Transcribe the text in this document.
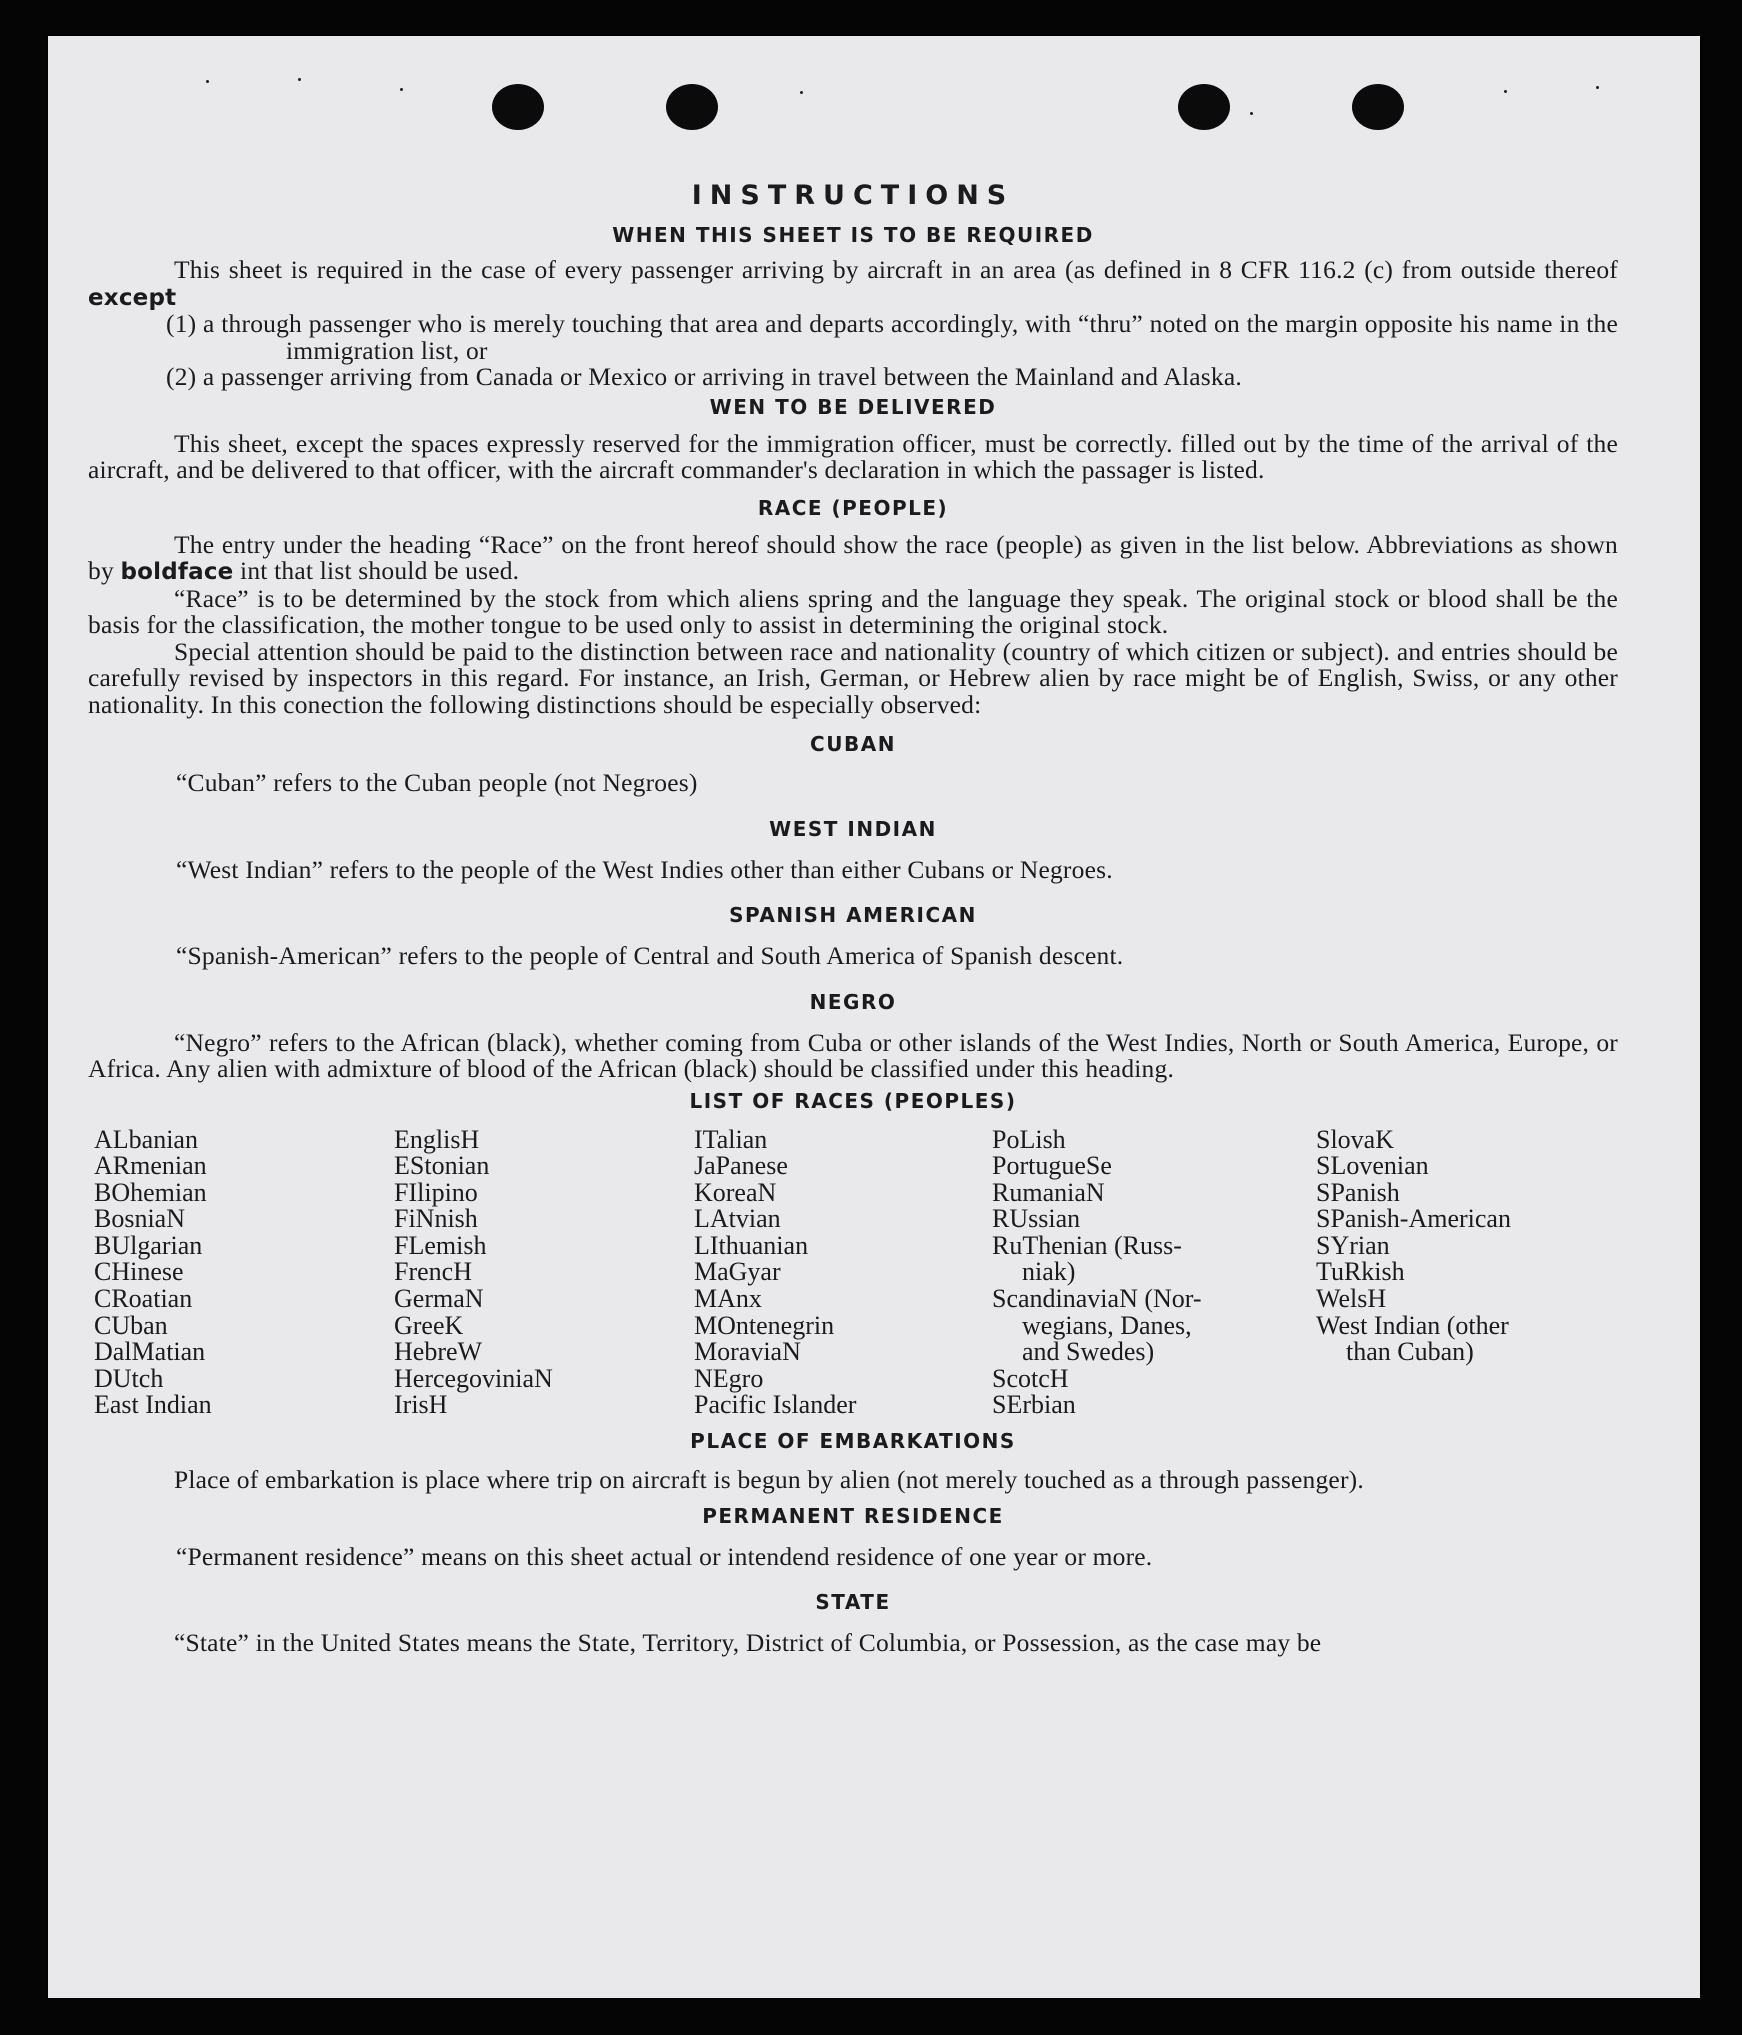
INSTRUCTIONS
WHEN THIS SHEET IS TO BE REQUIRED

This sheet is required in the case of every passenger arriving by aircraft in an area (as defined in 8 CFR 116.2 (c) from outside thereof except

(1) a through passenger who is merely touching that area and departs accordingly, with “thru” noted on the margin opposite his name in the immigration list, or

(2) a passenger arriving from Canada or Mexico or arriving in travel between the Mainland and Alaska.

WEN TO BE DELIVERED

This sheet, except the spaces expressly reserved for the immigration officer, must be correctly. filled out by the time of the arrival of the aircraft, and be delivered to that officer, with the aircraft commander's declaration in which the passager is listed.

RACE (PEOPLE)

The entry under the heading “Race” on the front hereof should show the race (people) as given in the list below. Abbreviations as shown by boldface int that list should be used.

“Race” is to be determined by the stock from which aliens spring and the language they speak. The original stock or blood shall be the basis for the classification, the mother tongue to be used only to assist in determining the original stock.

Special attention should be paid to the distinction between race and nationality (country of which citizen or subject). and entries should be carefully revised by inspectors in this regard. For instance, an Irish, German, or Hebrew alien by race might be of English, Swiss, or any other nationality. In this conection the following distinctions should be especially observed:

CUBAN

“Cuban” refers to the Cuban people (not Negroes)

WEST INDIAN

“West Indian” refers to the people of the West Indies other than either Cubans or Negroes.

SPANISH AMERICAN

“Spanish-American” refers to the people of Central and South America of Spanish descent.

NEGRO

“Negro” refers to the African (black), whether coming from Cuba or other islands of the West Indies, North or South America, Europe, or Africa. Any alien with admixture of blood of the African (black) should be classified under this heading.

LIST OF RACES (PEOPLES)
ALbanian
ARmenian
BOhemian
BosniaN
BUlgarian
CHinese
CRoatian
CUban
DalMatian
DUtch
East Indian
EnglisH
EStonian
FIlipino
FiNnish
FLemish
FrencH
GermaN
GreeK
HebreW
HercegoviniaN
IrisH
ITalian
JaPanese
KoreaN
LAtvian
LIthuanian
MaGyar
MAnx
MOntenegrin
MoraviaN
NEgro
Pacific Islander
PoLish
PortugueSe
RumaniaN
RUssian
RuThenian (Russ-
niak)
ScandinaviaN (Nor-
wegians, Danes,
and Swedes)
ScotcH
SErbian
SlovaK
SLovenian
SPanish
SPanish-American
SYrian
TuRkish
WelsH
West Indian (other
than Cuban)
PLACE OF EMBARKATIONS

Place of embarkation is place where trip on aircraft is begun by alien (not merely touched as a through passenger).

PERMANENT RESIDENCE

“Permanent residence” means on this sheet actual or intendend residence of one year or more.

STATE

“State” in the United States means the State, Territory, District of Columbia, or Possession, as the case may be
